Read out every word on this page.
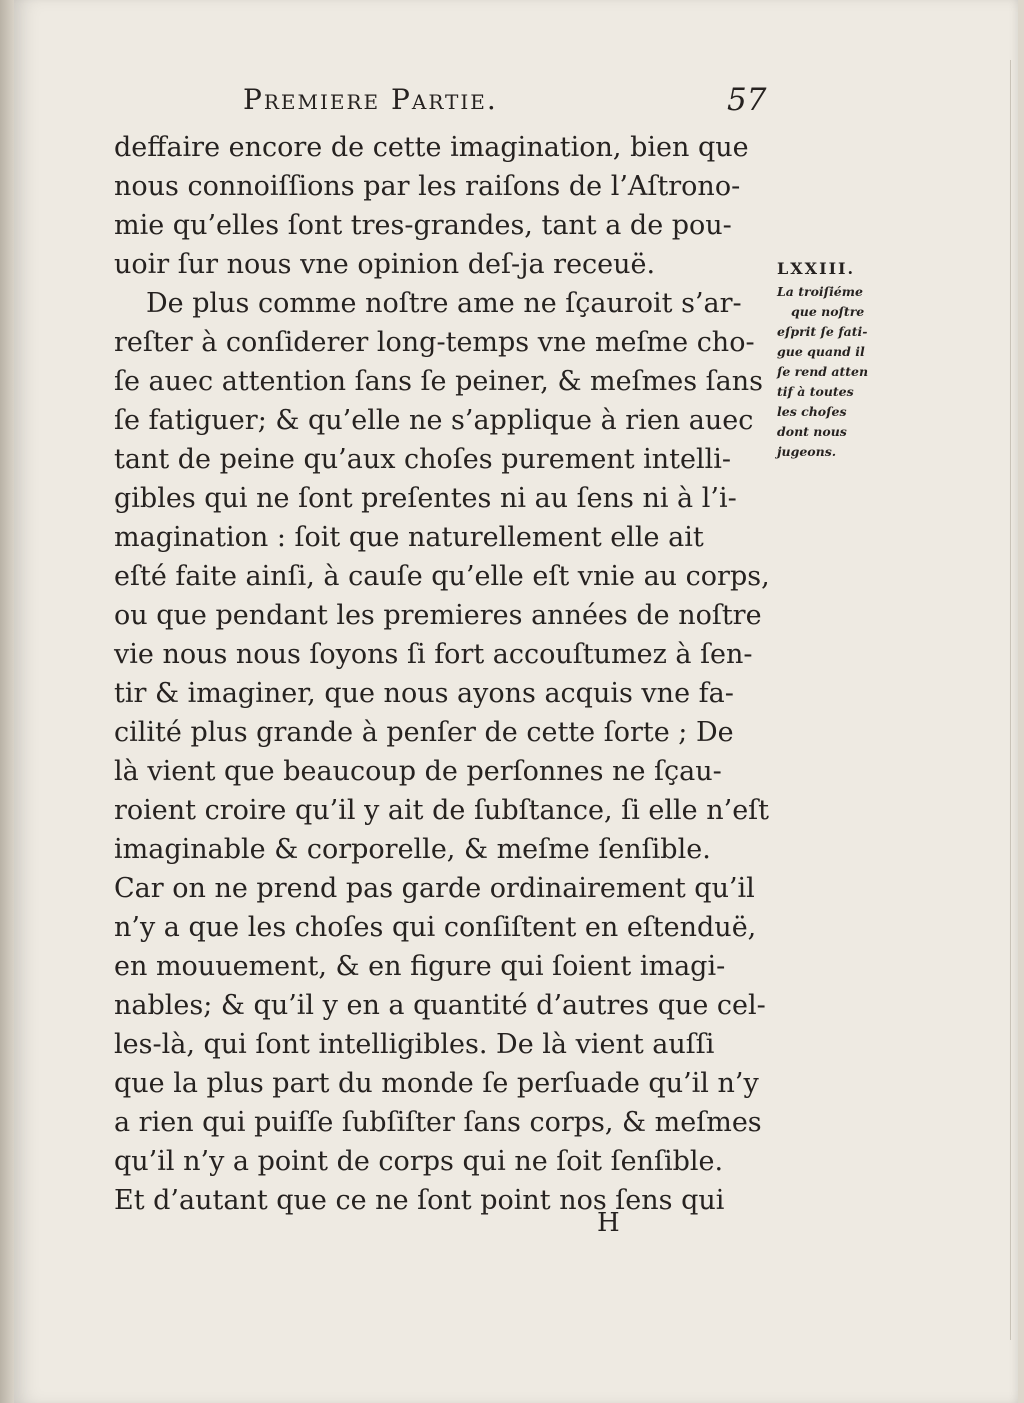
Premiere Partie.	57
deffaire encore de cette imagination, bien que
nous connoiſſions par les raiſons de l’Aſtrono-
mie qu’elles ſont tres-grandes, tant a de pou-
uoir ſur nous vne opinion deſ-ja receuë.
De plus comme noſtre ame ne ſçauroit s’ar-
reſter à conſiderer long-temps vne meſme cho-
ſe auec attention ſans ſe peiner, & meſmes ſans
ſe fatiguer; & qu’elle ne s’applique à rien auec
tant de peine qu’aux choſes purement intelli-
gibles qui ne ſont preſentes ni au ſens ni à l’i-
magination : ſoit que naturellement elle ait
eſté faite ainſi, à cauſe qu’elle eſt vnie au corps,
ou que pendant les premieres années de noſtre
vie nous nous ſoyons ſi fort accouſtumez à ſen-
tir & imaginer, que nous ayons acquis vne fa-
cilité plus grande à penſer de cette ſorte ; De
là vient que beaucoup de perſonnes ne ſçau-
roient croire qu’il y ait de ſubſtance, ſi elle n’eſt
imaginable & corporelle, & meſme ſenſible.
Car on ne prend pas garde ordinairement qu’il
n’y a que les choſes qui conſiſtent en eſtenduë,
en mouuement, & en figure qui ſoient imagi-
nables; & qu’il y en a quantité d’autres que cel-
les-là, qui ſont intelligibles. De là vient auſſi
que la plus part du monde ſe perſuade qu’il n’y
a rien qui puiſſe ſubſiſter ſans corps, & meſmes
qu’il n’y a point de corps qui ne ſoit ſenſible.
Et d’autant que ce ne ſont point nos ſens qui
LXXIII.
La troiſiéme
que noſtre
eſprit ſe fati-
gue quand il
ſe rend atten
tif à toutes
les choſes
dont nous
jugeons.
H
